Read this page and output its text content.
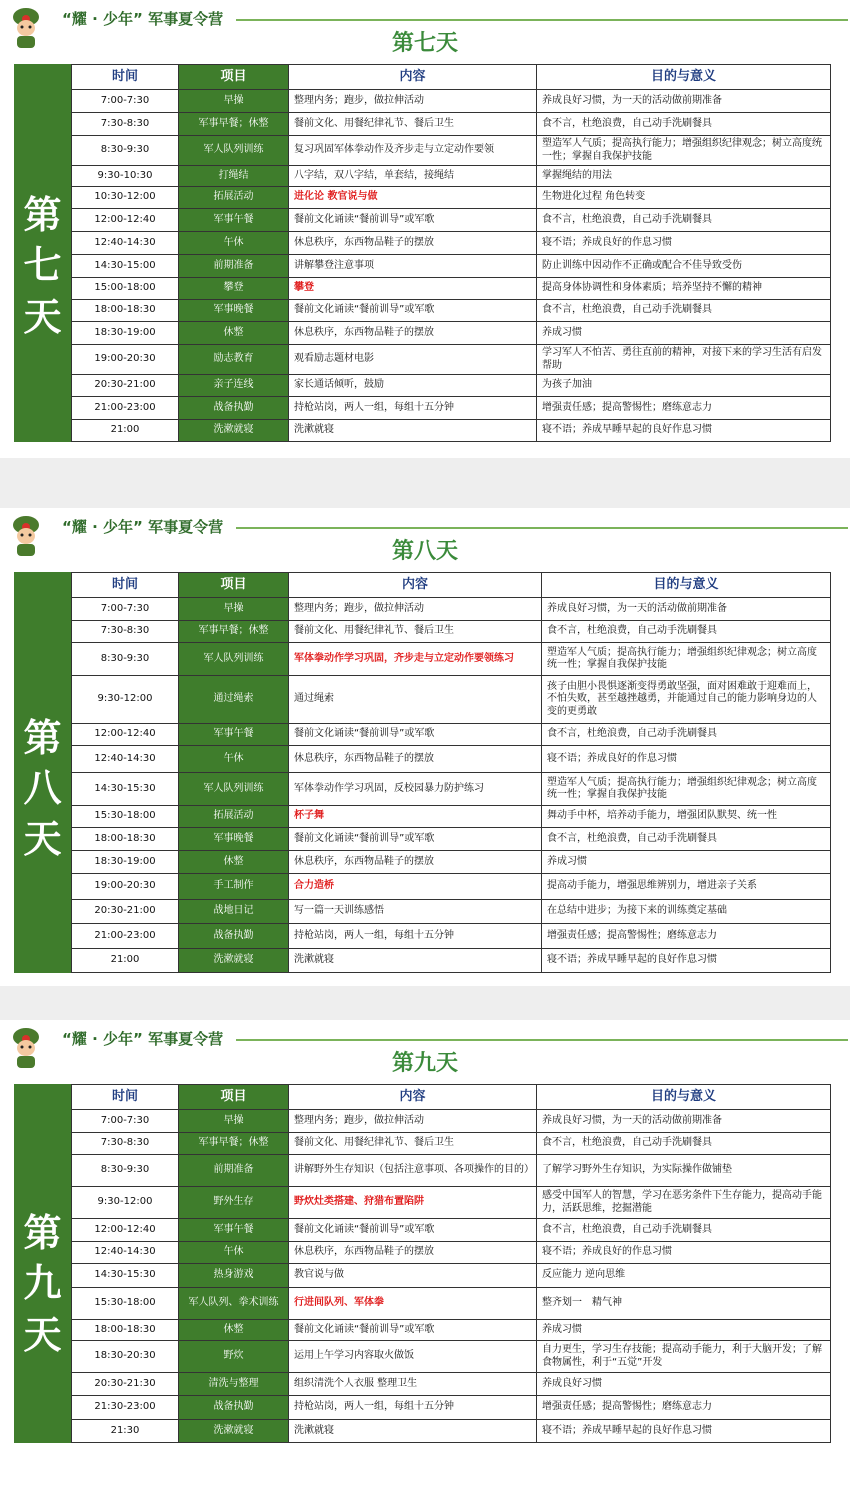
“耀 · 少年” 军事夏令营
第七天
第
七
天
时间	项目	内容	目的与意义
7:00-7:30	早操	整理内务；跑步，做拉伸活动	养成良好习惯，为一天的活动做前期准备
7:30-8:30	军事早餐；休整	餐前文化、用餐纪律礼节、餐后卫生	食不言，杜绝浪费，自己动手洗刷餐具
8:30-9:30	军人队列训练	复习巩固军体拳动作及齐步走与立定动作要领	塑造军人气质；提高执行能力；增强组织纪律观念；树立高度统一性；掌握自我保护技能
9:30-10:30	打绳结	八字结，双八字结，单套结，接绳结	掌握绳结的用法
10:30-12:00	拓展活动	进化论 教官说与做	生物进化过程 角色转变
12:00-12:40	军事午餐	餐前文化诵读“餐前训导”或军歌	食不言，杜绝浪费，自己动手洗刷餐具
12:40-14:30	午休	休息秩序，东西物品鞋子的摆放	寝不语；养成良好的作息习惯
14:30-15:00	前期准备	讲解攀登注意事项	防止训练中因动作不正确或配合不佳导致受伤
15:00-18:00	攀登	攀登	提高身体协调性和身体素质；培养坚持不懈的精神
18:00-18:30	军事晚餐	餐前文化诵读“餐前训导”或军歌	食不言，杜绝浪费，自己动手洗刷餐具
18:30-19:00	休整	休息秩序，东西物品鞋子的摆放	养成习惯
19:00-20:30	励志教育	观看励志题材电影	学习军人不怕苦、勇往直前的精神，对接下来的学习生活有启发帮助
20:30-21:00	亲子连线	家长通话倾听，鼓励	为孩子加油
21:00-23:00	战备执勤	持枪站岗，两人一组，每组十五分钟	增强责任感；提高警惕性；磨练意志力
21:00	洗漱就寝	洗漱就寝	寝不语；养成早睡早起的良好作息习惯
“耀 · 少年” 军事夏令营
第八天
第
八
天
时间	项目	内容	目的与意义
7:00-7:30	早操	整理内务；跑步，做拉伸活动	养成良好习惯，为一天的活动做前期准备
7:30-8:30	军事早餐；休整	餐前文化、用餐纪律礼节、餐后卫生	食不言，杜绝浪费，自己动手洗刷餐具
8:30-9:30	军人队列训练	军体拳动作学习巩固，齐步走与立定动作要领练习	塑造军人气质；提高执行能力；增强组织纪律观念；树立高度统一性；掌握自我保护技能
9:30-12:00	通过绳索	通过绳索	孩子由胆小畏惧逐渐变得勇敢坚强，面对困难敢于迎难而上，不怕失败，甚至越挫越勇，并能通过自己的能力影响身边的人变的更勇敢
12:00-12:40	军事午餐	餐前文化诵读“餐前训导”或军歌	食不言，杜绝浪费，自己动手洗刷餐具
12:40-14:30	午休	休息秩序，东西物品鞋子的摆放	寝不语；养成良好的作息习惯
14:30-15:30	军人队列训练	军体拳动作学习巩固，反校园暴力防护练习	塑造军人气质；提高执行能力；增强组织纪律观念；树立高度统一性；掌握自我保护技能
15:30-18:00	拓展活动	杯子舞	舞动手中杯，培养动手能力，增强团队默契、统一性
18:00-18:30	军事晚餐	餐前文化诵读“餐前训导”或军歌	食不言，杜绝浪费，自己动手洗刷餐具
18:30-19:00	休整	休息秩序，东西物品鞋子的摆放	养成习惯
19:00-20:30	手工制作	合力造桥	提高动手能力，增强思维辨别力，增进亲子关系
20:30-21:00	战地日记	写一篇一天训练感悟	在总结中进步；为接下来的训练奠定基础
21:00-23:00	战备执勤	持枪站岗，两人一组，每组十五分钟	增强责任感；提高警惕性；磨练意志力
21:00	洗漱就寝	洗漱就寝	寝不语；养成早睡早起的良好作息习惯
“耀 · 少年” 军事夏令营
第九天
第
九
天
时间	项目	内容	目的与意义
7:00-7:30	早操	整理内务；跑步，做拉伸活动	养成良好习惯，为一天的活动做前期准备
7:30-8:30	军事早餐；休整	餐前文化、用餐纪律礼节、餐后卫生	食不言，杜绝浪费，自己动手洗刷餐具
8:30-9:30	前期准备	讲解野外生存知识（包括注意事项、各项操作的目的）	了解学习野外生存知识，为实际操作做铺垫
9:30-12:00	野外生存	野炊灶类搭建、狩猎布置陷阱	感受中国军人的智慧，学习在恶劣条件下生存能力，提高动手能力，活跃思维，挖掘潜能
12:00-12:40	军事午餐	餐前文化诵读“餐前训导”或军歌	食不言，杜绝浪费，自己动手洗刷餐具
12:40-14:30	午休	休息秩序，东西物品鞋子的摆放	寝不语；养成良好的作息习惯
14:30-15:30	热身游戏	教官说与做	反应能力 逆向思维
15:30-18:00	军人队列、拳术训练	行进间队列、军体拳	整齐划一　精气神
18:00-18:30	休整	餐前文化诵读“餐前训导”或军歌	养成习惯
18:30-20:30	野炊	运用上午学习内容取火做饭	自力更生，学习生存技能；提高动手能力，利于大脑开发；了解食物属性，利于“五觉”开发
20:30-21:30	清洗与整理	组织清洗个人衣服 整理卫生	养成良好习惯
21:30-23:00	战备执勤	持枪站岗，两人一组，每组十五分钟	增强责任感；提高警惕性；磨练意志力
21:30	洗漱就寝	洗漱就寝	寝不语；养成早睡早起的良好作息习惯
